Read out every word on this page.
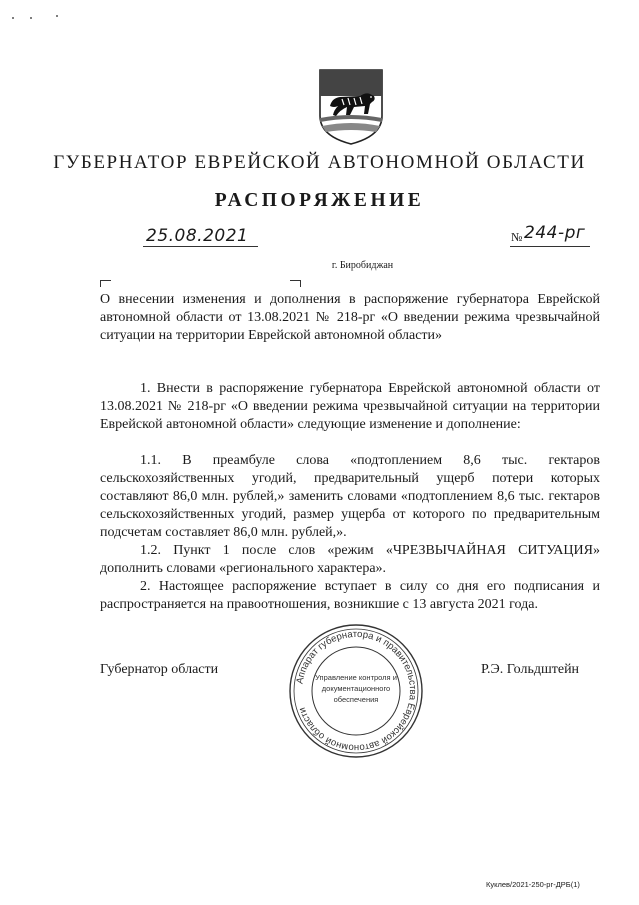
ГУБЕРНАТОР ЕВРЕЙСКОЙ АВТОНОМНОЙ ОБЛАСТИ
РАСПОРЯЖЕНИЕ
25.08.2021	№ 244-рг
г. Биробиджан
О внесении изменения и дополнения в распоряжение губернатора Еврейской автономной области от 13.08.2021 № 218-рг «О введении режима чрезвычайной ситуации на территории Еврейской автономной области»
1. Внести в распоряжение губернатора Еврейской автономной области от 13.08.2021 № 218-рг «О введении режима чрезвычайной ситуации на территории Еврейской автономной области» следующие изменение и дополнение:
1.1. В преамбуле слова «подтоплением 8,6 тыс. гектаров сельскохозяйственных угодий, предварительный ущерб потери которых составляют 86,0 млн. рублей,» заменить словами «подтоплением 8,6 тыс. гектаров сельскохозяйственных угодий, размер ущерба от которого по предварительным подсчетам составляет 86,0 млн. рублей,».
1.2. Пункт 1 после слов «режим «ЧРЕЗВЫЧАЙНАЯ СИТУАЦИЯ» дополнить словами «регионального характера».
2. Настоящее распоряжение вступает в силу со дня его подписания и распространяется на правоотношения, возникшие с 13 августа 2021 года.
Губернатор области	Р.Э. Гольдштейн
Аппарат губернатора и правительства Еврейской автономной области
Управление контроля и
документационного
обеспечения
Куклев/2021-250-рг-ДРБ(1)
